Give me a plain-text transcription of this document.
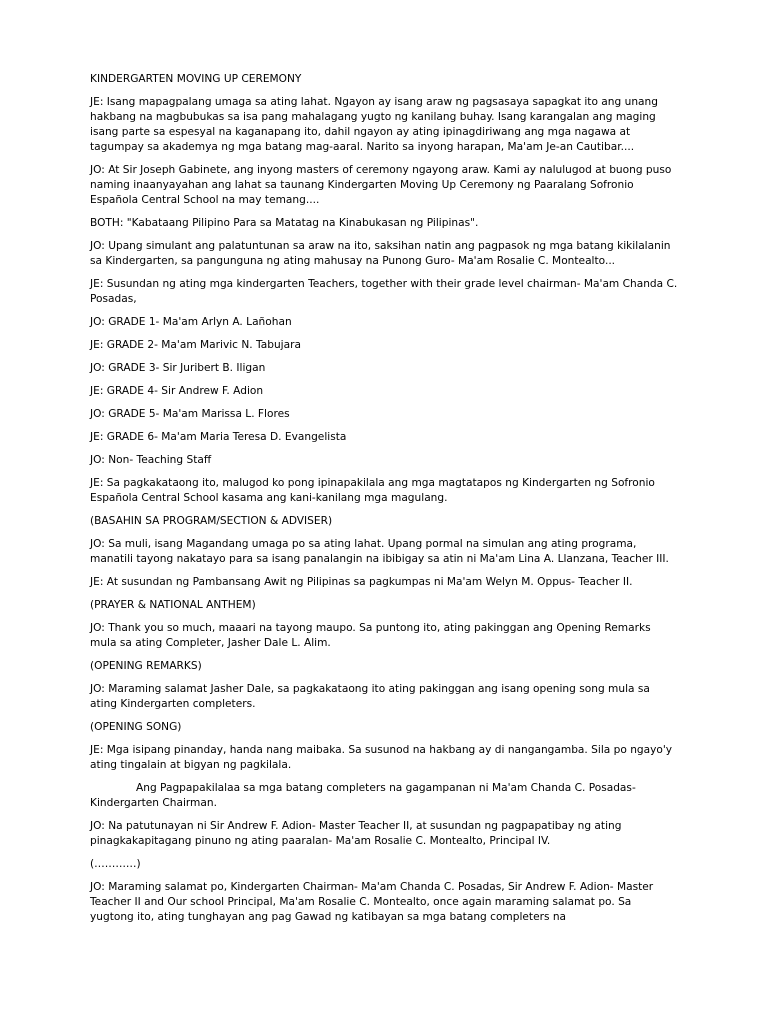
KINDERGARTEN MOVING UP CEREMONY

JE: Isang mapagpalang umaga sa ating lahat. Ngayon ay isang araw ng pagsasaya sapagkat ito ang unang hakbang na magbubukas sa isa pang mahalagang yugto ng kanilang buhay. Isang karangalan ang maging isang parte sa espesyal na kaganapang ito, dahil ngayon ay ating ipinagdiriwang ang mga nagawa at tagumpay sa akademya ng mga batang mag-aaral. Narito sa inyong harapan, Ma'am Je-an Cautibar....

JO: At Sir Joseph Gabinete, ang inyong masters of ceremony ngayong araw. Kami ay nalulugod at buong puso naming inaanyayahan ang lahat sa taunang Kindergarten Moving Up Ceremony ng Paaralang Sofronio Española Central School na may temang....

BOTH: "Kabataang Pilipino Para sa Matatag na Kinabukasan ng Pilipinas".

JO: Upang simulant ang palatuntunan sa araw na ito, saksihan natin ang pagpasok ng mga batang kikilalanin sa Kindergarten, sa pangunguna ng ating mahusay na Punong Guro- Ma'am Rosalie C. Montealto...

JE: Susundan ng ating mga kindergarten Teachers, together with their grade level chairman- Ma'am Chanda C. Posadas,

JO: GRADE 1- Ma'am Arlyn A. Lañohan

JE: GRADE 2- Ma'am Marivic N. Tabujara

JO: GRADE 3- Sir Juribert B. Iligan

JE: GRADE 4- Sir Andrew F. Adion

JO: GRADE 5- Ma'am Marissa L. Flores

JE: GRADE 6- Ma'am Maria Teresa D. Evangelista

JO: Non- Teaching Staff

JE: Sa pagkakataong ito, malugod ko pong ipinapakilala ang mga magtatapos ng Kindergarten ng Sofronio Española Central School kasama ang kani-kanilang mga magulang.

(BASAHIN SA PROGRAM/SECTION & ADVISER)

JO: Sa muli, isang Magandang umaga po sa ating lahat. Upang pormal na simulan ang ating programa, manatili tayong nakatayo para sa isang panalangin na ibibigay sa atin ni Ma'am Lina A. Llanzana, Teacher III.

JE: At susundan ng Pambansang Awit ng Pilipinas sa pagkumpas ni Ma'am Welyn M. Oppus- Teacher II.

(PRAYER & NATIONAL ANTHEM)

JO: Thank you so much, maaari na tayong maupo. Sa puntong ito, ating pakinggan ang Opening Remarks mula sa ating Completer, Jasher Dale L. Alim.

(OPENING REMARKS)

JO: Maraming salamat Jasher Dale, sa pagkakataong ito ating pakinggan ang isang opening song mula sa ating Kindergarten completers.

(OPENING SONG)

JE: Mga isipang pinanday, handa nang maibaka. Sa susunod na hakbang ay di nangangamba. Sila po ngayo'y ating tingalain at bigyan ng pagkilala.

Ang Pagpapakilalaa sa mga batang completers na gagampanan ni Ma'am Chanda C. Posadas- Kindergarten Chairman.

JO: Na patutunayan ni Sir Andrew F. Adion- Master Teacher II, at susundan ng pagpapatibay ng ating pinagkakapitagang pinuno ng ating paaralan- Ma'am Rosalie C. Montealto, Principal IV.

(…………)

JO: Maraming salamat po, Kindergarten Chairman- Ma'am Chanda C. Posadas, Sir Andrew F. Adion- Master Teacher II and Our school Principal, Ma'am Rosalie C. Montealto, once again maraming salamat po. Sa yugtong ito, ating tunghayan ang pag Gawad ng katibayan sa mga batang completers na
